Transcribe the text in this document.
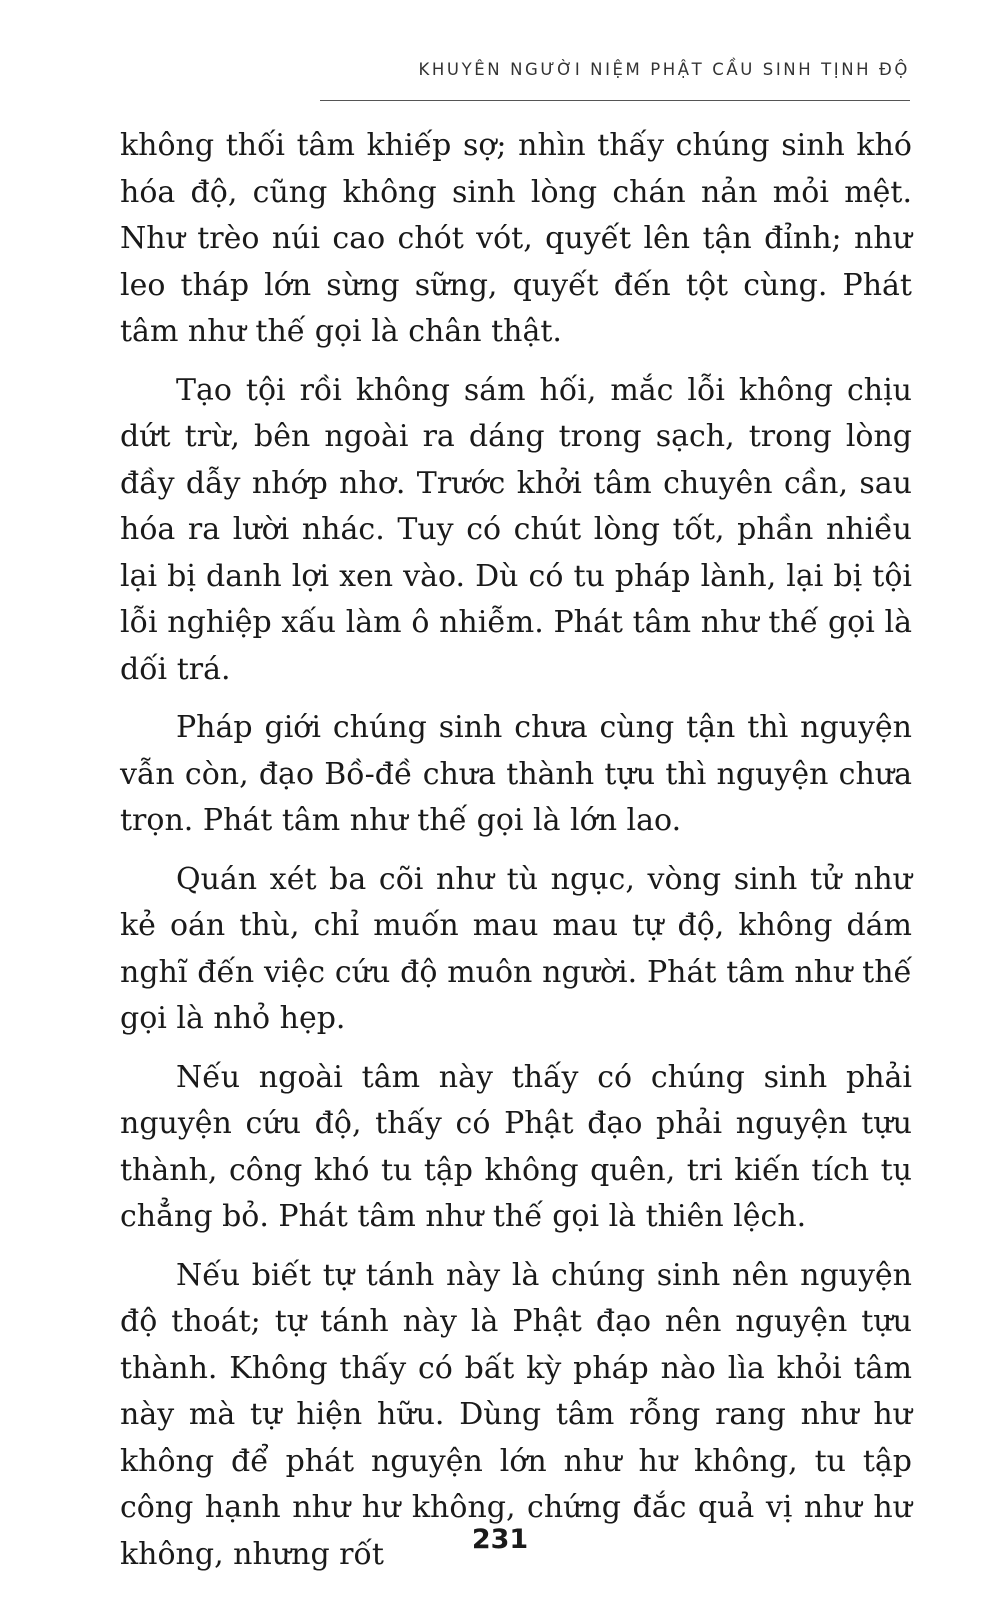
KHUYÊN NGƯỜI NIỆM PHẬT CẦU SINH TỊNH ĐỘ

không thối tâm khiếp sợ; nhìn thấy chúng sinh khó hóa độ, cũng không sinh lòng chán nản mỏi mệt. Như trèo núi cao chót vót, quyết lên tận đỉnh; như leo tháp lớn sừng sững, quyết đến tột cùng. Phát tâm như thế gọi là chân thật.

Tạo tội rồi không sám hối, mắc lỗi không chịu dứt trừ, bên ngoài ra dáng trong sạch, trong lòng đầy dẫy nhớp nhơ. Trước khởi tâm chuyên cần, sau hóa ra lười nhác. Tuy có chút lòng tốt, phần nhiều lại bị danh lợi xen vào. Dù có tu pháp lành, lại bị tội lỗi nghiệp xấu làm ô nhiễm. Phát tâm như thế gọi là dối trá.

Pháp giới chúng sinh chưa cùng tận thì nguyện vẫn còn, đạo Bồ-đề chưa thành tựu thì nguyện chưa trọn. Phát tâm như thế gọi là lớn lao.

Quán xét ba cõi như tù ngục, vòng sinh tử như kẻ oán thù, chỉ muốn mau mau tự độ, không dám nghĩ đến việc cứu độ muôn người. Phát tâm như thế gọi là nhỏ hẹp.

Nếu ngoài tâm này thấy có chúng sinh phải nguyện cứu độ, thấy có Phật đạo phải nguyện tựu thành, công khó tu tập không quên, tri kiến tích tụ chẳng bỏ. Phát tâm như thế gọi là thiên lệch.

Nếu biết tự tánh này là chúng sinh nên nguyện độ thoát; tự tánh này là Phật đạo nên nguyện tựu thành. Không thấy có bất kỳ pháp nào lìa khỏi tâm này mà tự hiện hữu. Dùng tâm rỗng rang như hư không để phát nguyện lớn như hư không, tu tập công hạnh như hư không, chứng đắc quả vị như hư không, nhưng rốt	231
